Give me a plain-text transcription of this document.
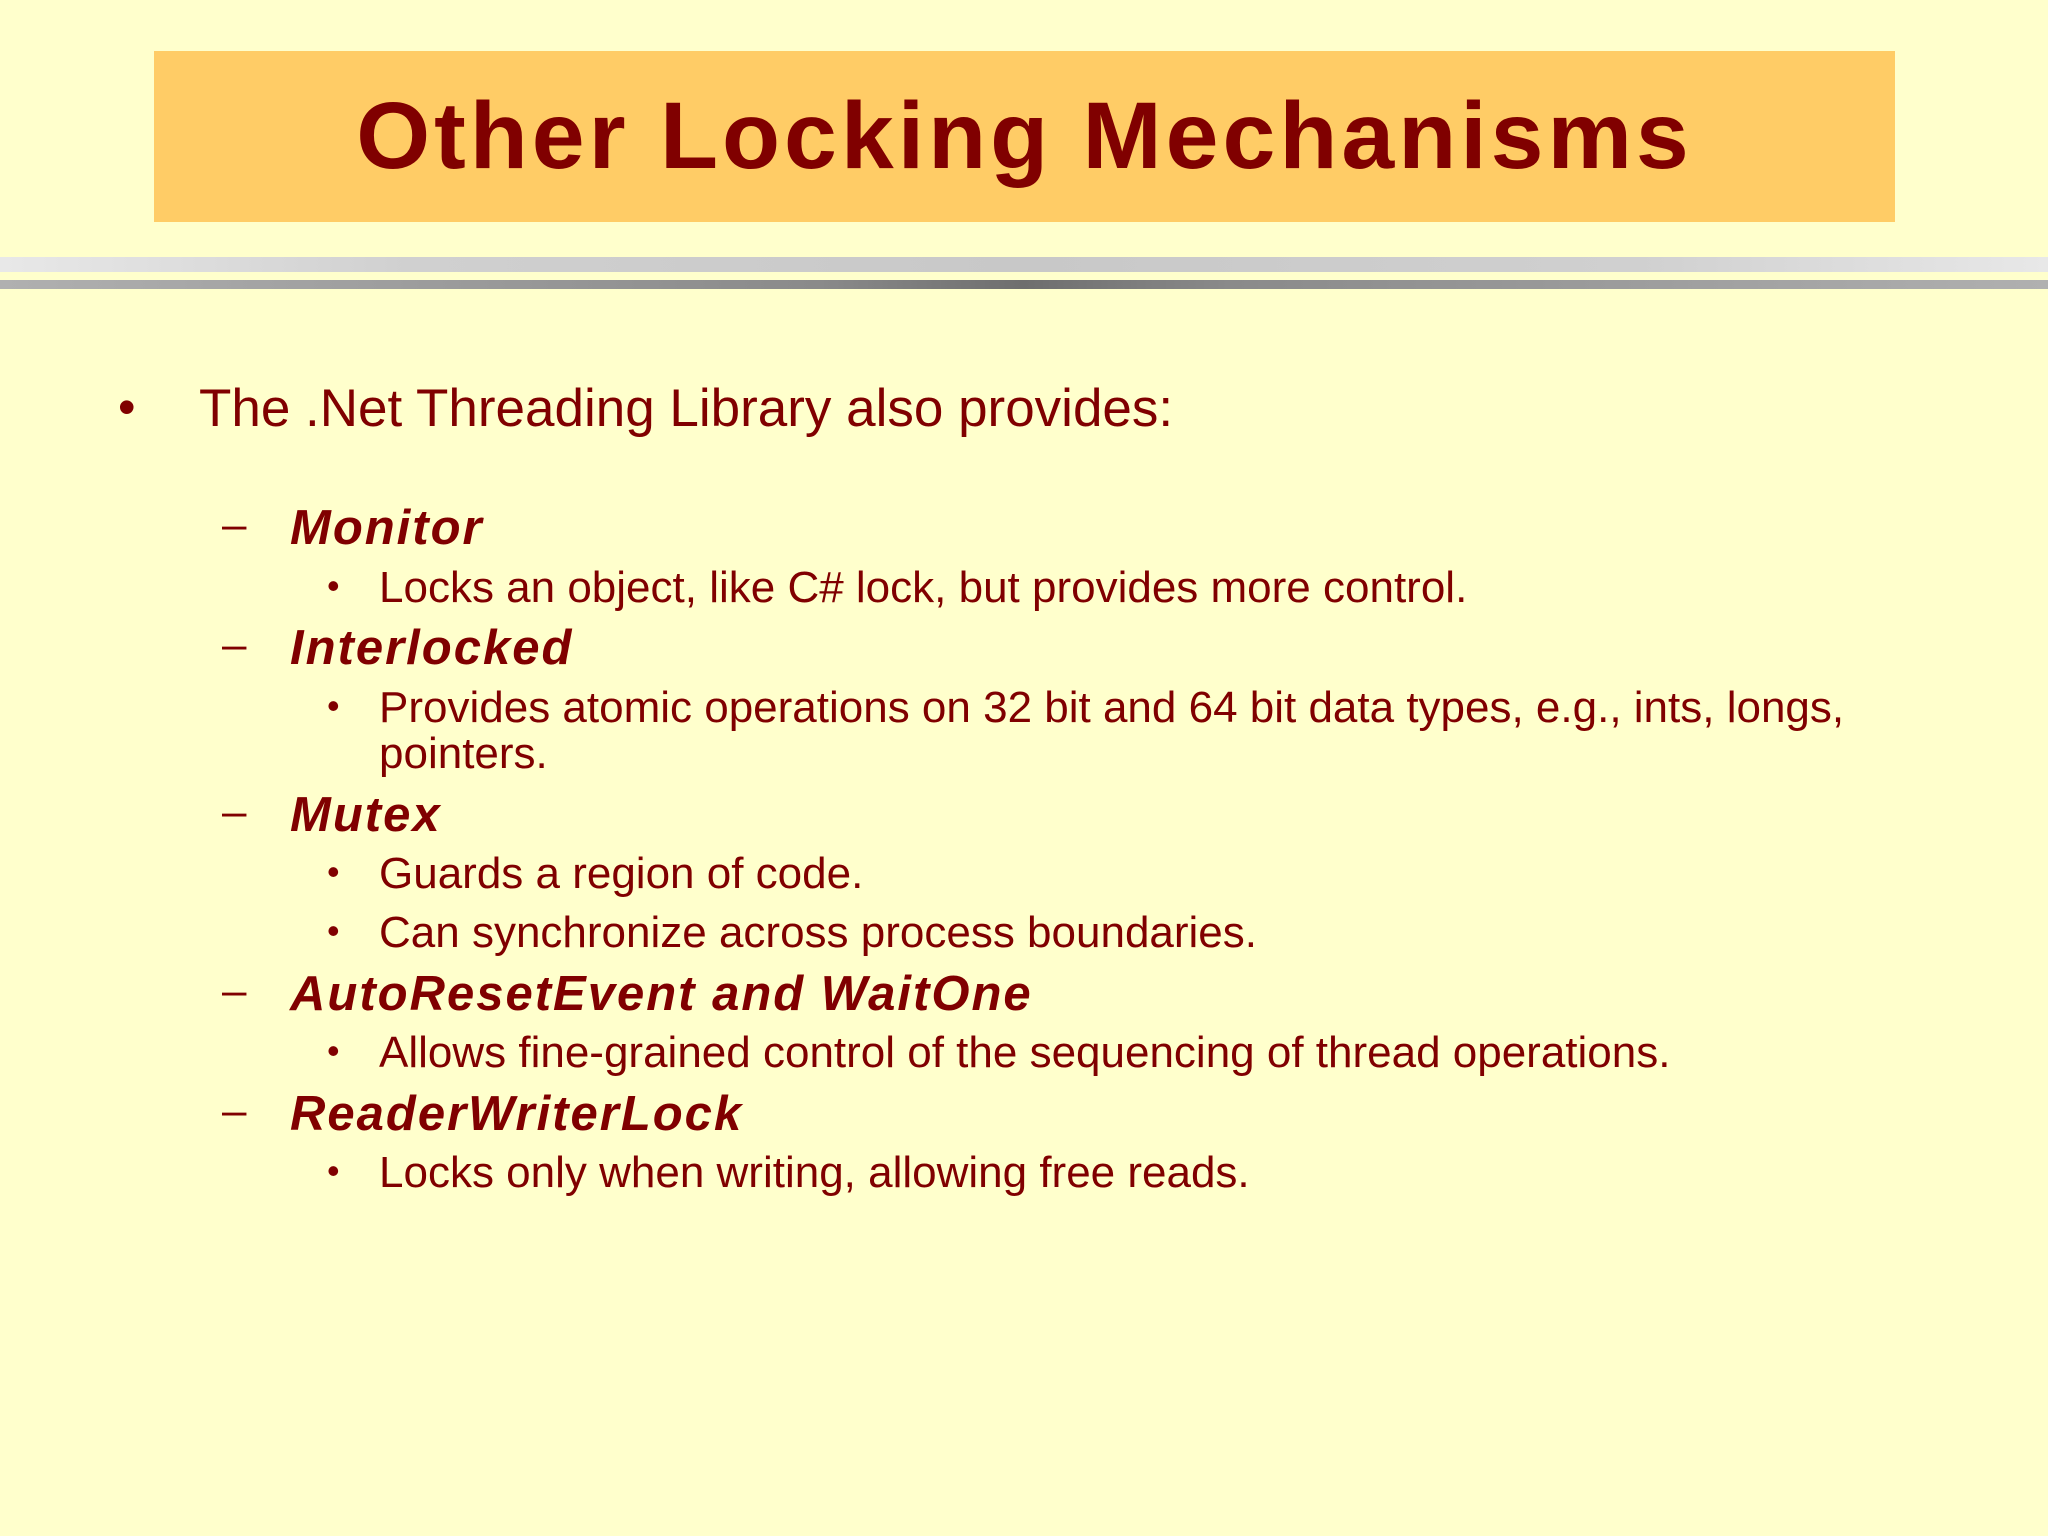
Other Locking Mechanisms
• The .Net Threading Library also provides:
– Monitor
• Locks an object, like C# lock, but provides more control.
– Interlocked
• Provides atomic operations on 32 bit and 64 bit data types, e.g., ints, longs, pointers.
– Mutex
• Guards a region of code.
• Can synchronize across process boundaries.
– AutoResetEvent and WaitOne
• Allows fine-grained control of the sequencing of thread operations.
– ReaderWriterLock
• Locks only when writing, allowing free reads.
